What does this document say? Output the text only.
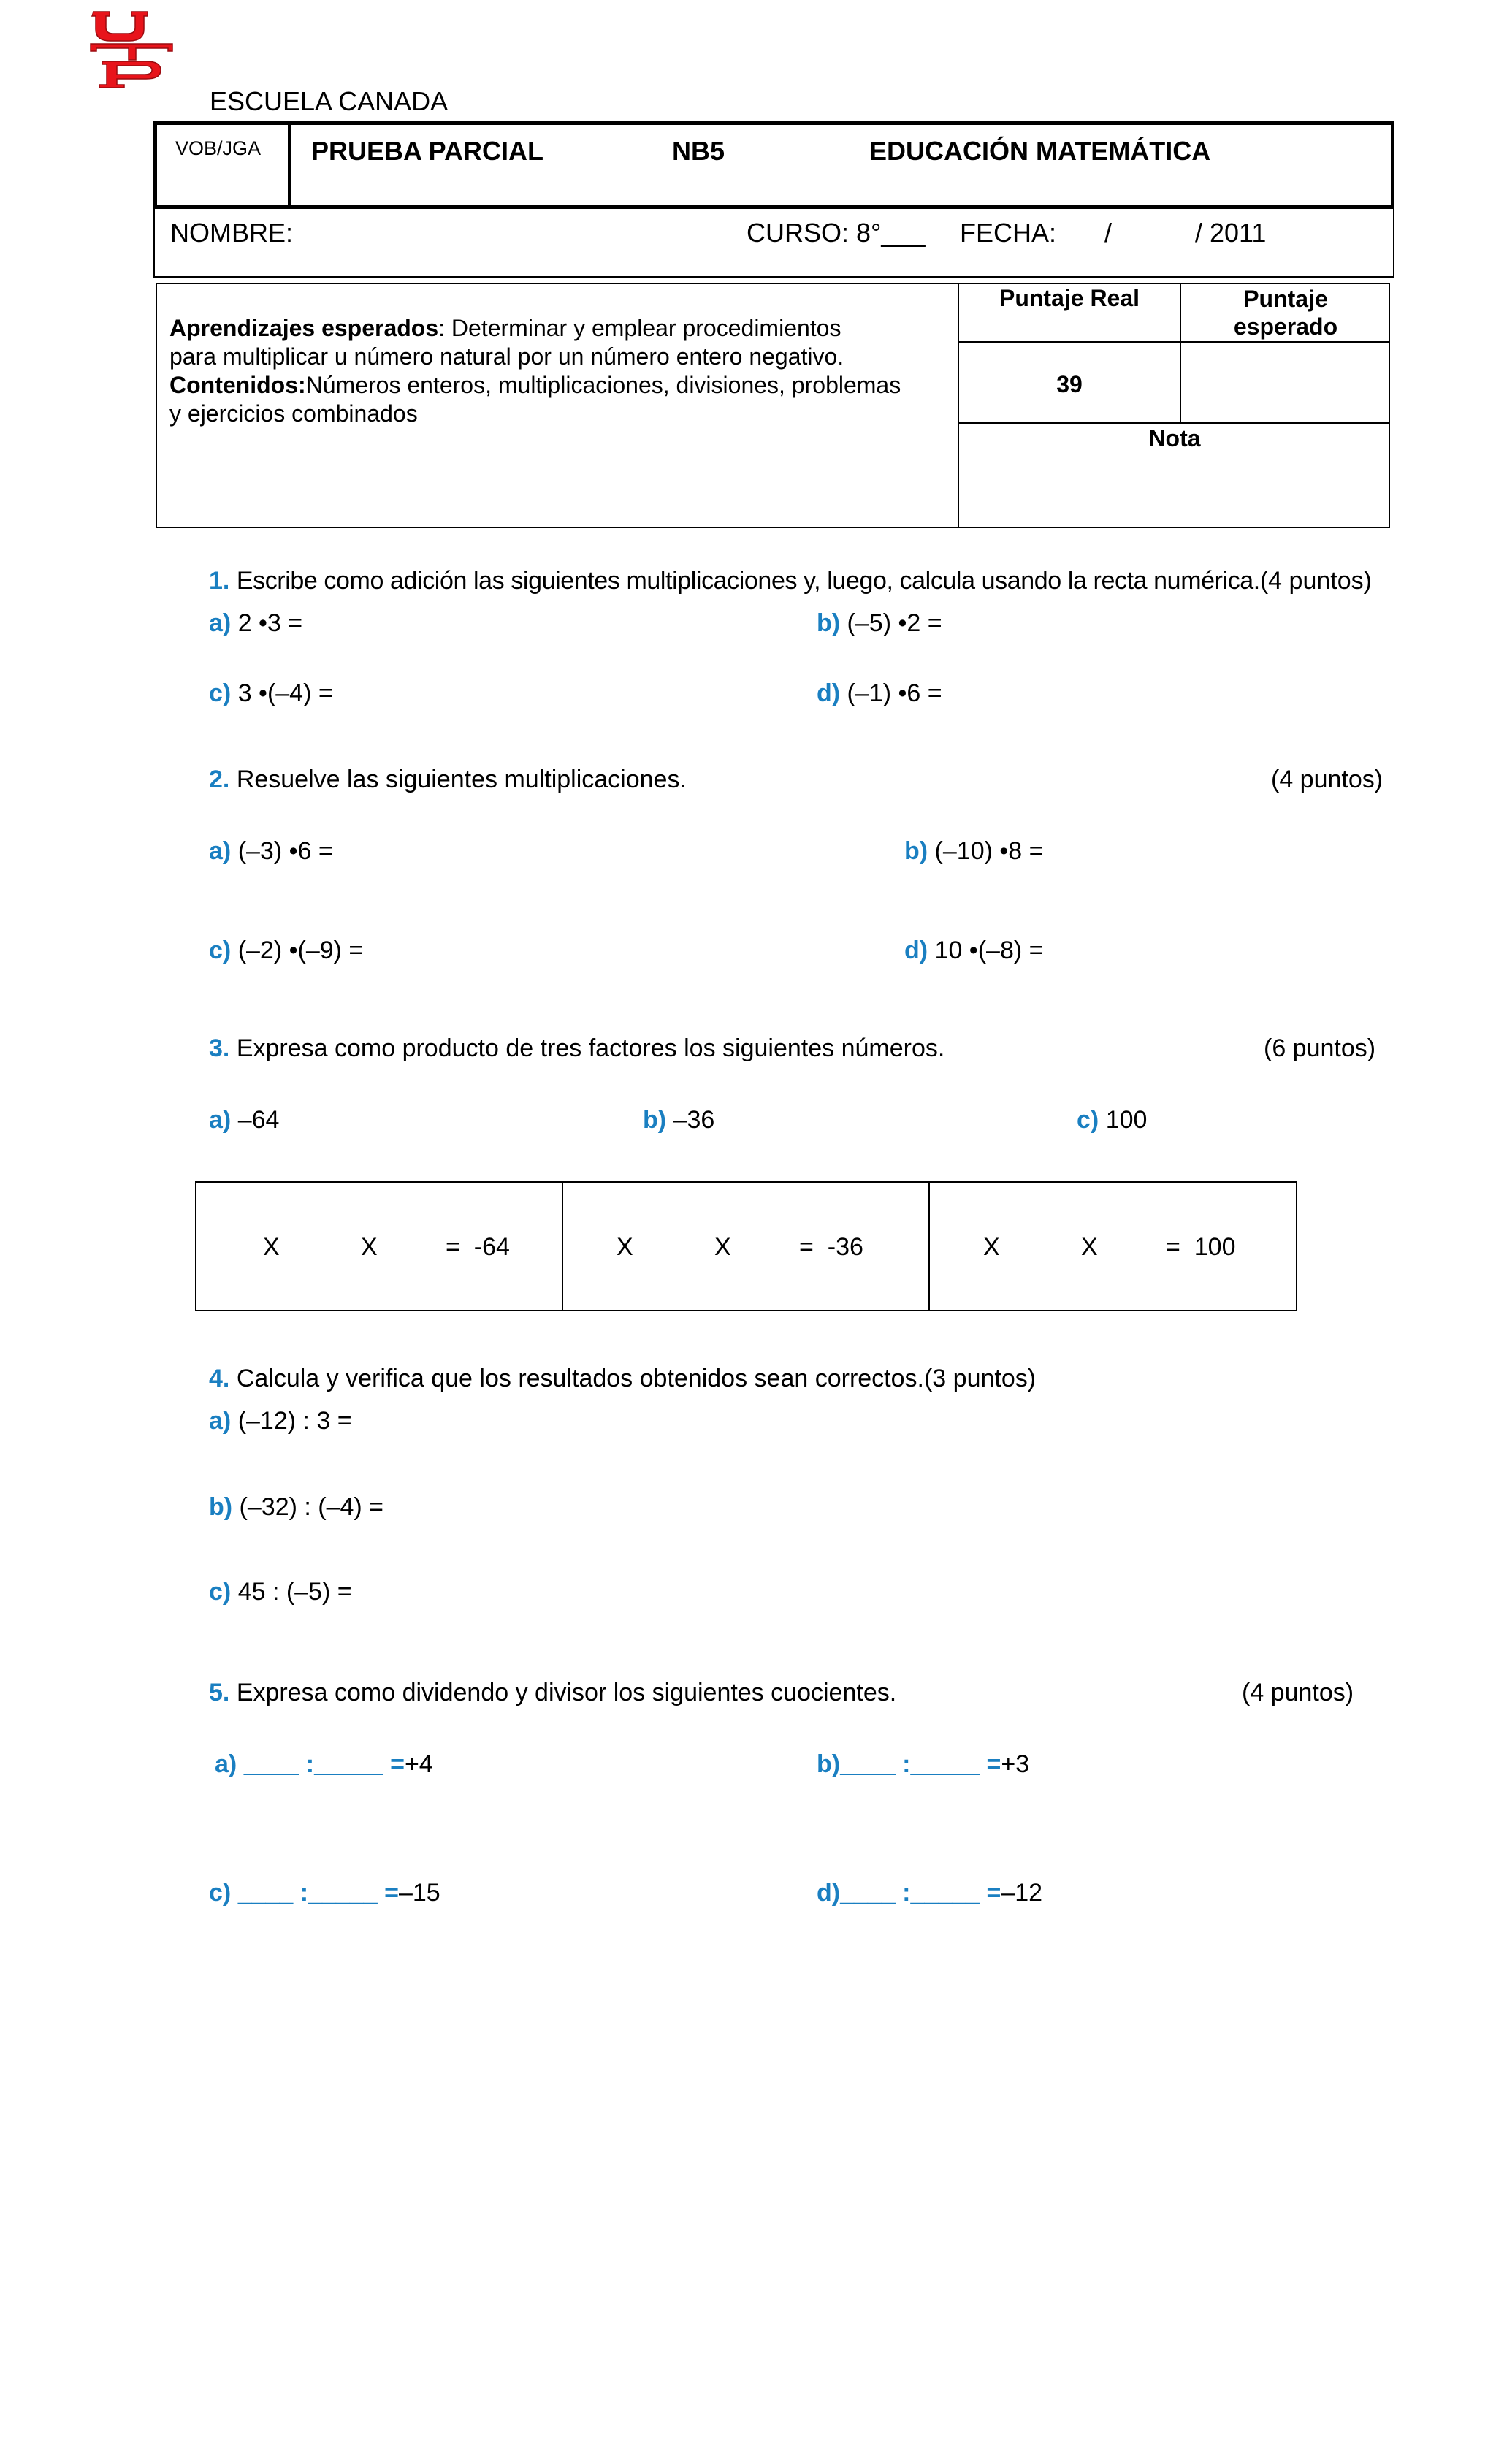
ESCUELA CANADA
VOB/JGA PRUEBA PARCIAL	NB5	EDUCACIÓN MATEMÁTICA
NOMBRE:	CURSO: 8°___ FECHA: /	/ 2011
Aprendizajes esperados: Determinar y emplear procedimientos
para multiplicar u número natural por un número entero negativo.
Contenidos:Números enteros, multiplicaciones, divisiones, problemas
y ejercicios combinados
Puntaje Real	Puntaje esperado
39
Nota
1. Escribe como adición las siguientes multiplicaciones y, luego, calcula usando la recta numérica.(4 puntos)
a) 2 •3 =	b) (–5) •2 =
c) 3 •(–4) =	d) (–1) •6 =
2. Resuelve las siguientes multiplicaciones.	(4 puntos)
a) (–3) •6 =	b) (–10) •8 =
c) (–2) •(–9) =	d) 10 •(–8) =
3. Expresa como producto de tres factores los siguientes números.	(6 puntos)
a) –64	b) –36	c) 100
X	X	=  -64	X	X	=  -36	X	X	=  100
4. Calcula y verifica que los resultados obtenidos sean correctos.(3 puntos)
a) (–12) : 3 =
b) (–32) : (–4) =
c) 45 : (–5) =
5. Expresa como dividendo y divisor los siguientes cuocientes.	(4 puntos)
a) ____ :_____ =+4	b)____ :_____ =+3
c) ____ :_____ =–15	d)____ :_____ =–12
